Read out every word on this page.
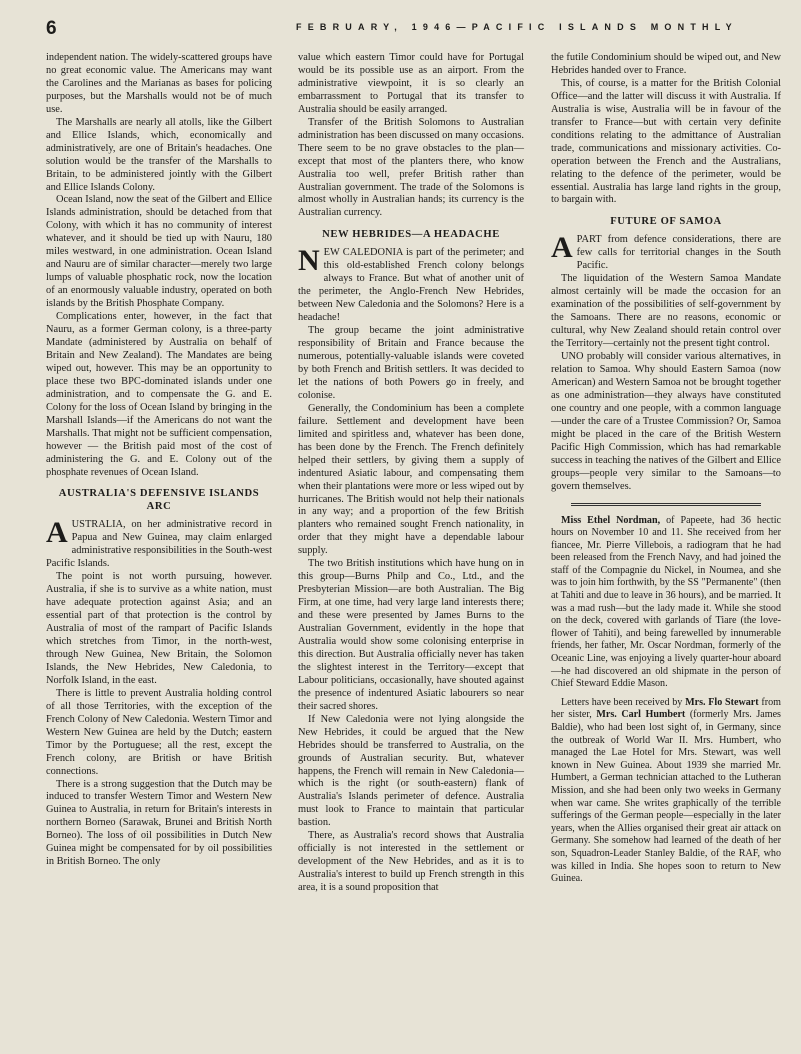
6	FEBRUARY, 1946—PACIFIC ISLANDS MONTHLY

independent nation. The widely-scattered groups have no great economic value. The Americans may want the Carolines and the Marianas as bases for policing purposes, but the Marshalls would not be of much use.

The Marshalls are nearly all atolls, like the Gilbert and Ellice Islands, which, economically and administratively, are one of Britain's headaches. One solution would be the transfer of the Marshalls to Britain, to be administered jointly with the Gilbert and Ellice Islands Colony.

Ocean Island, now the seat of the Gilbert and Ellice Islands administration, should be detached from that Colony, with which it has no community of interest whatever, and it should be tied up with Nauru, 180 miles westward, in one administration. Ocean Island and Nauru are of similar character—merely two large lumps of valuable phosphatic rock, now the location of an enormously valuable industry, operated on both islands by the British Phosphate Company.

Complications enter, however, in the fact that Nauru, as a former German colony, is a three-party Mandate (administered by Australia on behalf of Britain and New Zealand). The Mandates are being wiped out, however. This may be an opportunity to place these two BPC-dominated islands under one administration, and to compensate the G. and E. Colony for the loss of Ocean Island by bringing in the Marshall Islands—if the Americans do not want the Marshalls. That might not be sufficient compensation, however — the British paid most of the cost of administering the G. and E. Colony out of the phosphate revenues of Ocean Island.

AUSTRALIA'S DEFENSIVE ISLANDS ARC

AUSTRALIA, on her administrative record in Papua and New Guinea, may claim enlarged administrative responsibilities in the South-west Pacific Islands.

The point is not worth pursuing, however. Australia, if she is to survive as a white nation, must have adequate protection against Asia; and an essential part of that protection is the control by Australia of most of the rampart of Pacific Islands which stretches from Timor, in the north-west, through New Guinea, New Britain, the Solomon Islands, the New Hebrides, New Caledonia, to Norfolk Island, in the east.

There is little to prevent Australia holding control of all those Territories, with the exception of the French Colony of New Caledonia. Western Timor and Western New Guinea are held by the Dutch; eastern Timor by the Portuguese; all the rest, except the French colony, are British or have British connections.

There is a strong suggestion that the Dutch may be induced to transfer Western Timor and Western New Guinea to Australia, in return for Britain's interests in northern Borneo (Sarawak, Brunei and British North Borneo). The loss of oil possibilities in Dutch New Guinea might be compensated for by oil possibilities in British Borneo. The only

value which eastern Timor could have for Portugal would be its possible use as an airport. From the administrative viewpoint, it is so clearly an embarrassment to Portugal that its transfer to Australia should be easily arranged.

Transfer of the British Solomons to Australian administration has been discussed on many occasions. There seem to be no grave obstacles to the plan—except that most of the planters there, who know Australia too well, prefer British rather than Australian government. The trade of the Solomons is almost wholly in Australian hands; its currency is the Australian currency.

NEW HEBRIDES—A HEADACHE

NEW CALEDONIA is part of the perimeter; and this old-established French colony belongs always to France. But what of another unit of the perimeter, the Anglo-French New Hebrides, between New Caledonia and the Solomons? Here is a headache!

The group became the joint administrative responsibility of Britain and France because the numerous, potentially-valuable islands were coveted by both French and British settlers. It was decided to let the nations of both Powers go in freely, and colonise.

Generally, the Condominium has been a complete failure. Settlement and development have been limited and spiritless and, whatever has been done, has been done by the French. The French definitely helped their settlers, by giving them a supply of indentured Asiatic labour, and compensating them when their plantations were more or less wiped out by hurricanes. The British would not help their nationals in any way; and a proportion of the few British planters who remained sought French nationality, in order that they might have a dependable labour supply.

The two British institutions which have hung on in this group—Burns Philp and Co., Ltd., and the Presbyterian Mission—are both Australian. The Big Firm, at one time, had very large land interests there; and these were presented by James Burns to the Australian Government, evidently in the hope that Australia would show some colonising enterprise in this direction. But Australia officially never has taken the slightest interest in the Territory—except that Labour politicians, occasionally, have shouted against the presence of indentured Asiatic labourers so near their sacred shores.

If New Caledonia were not lying alongside the New Hebrides, it could be argued that the New Hebrides should be transferred to Australia, on the grounds of Australian security. But, whatever happens, the French will remain in New Caledonia—which is the right (or south-eastern) flank of Australia's Islands perimeter of defence. Australia must look to France to maintain that particular bastion.

There, as Australia's record shows that Australia officially is not interested in the settlement or development of the New Hebrides, and as it is to Australia's interest to build up French strength in this area, it is a sound proposition that

the futile Condominium should be wiped out, and New Hebrides handed over to France.

This, of course, is a matter for the British Colonial Office—and the latter will discuss it with Australia. If Australia is wise, Australia will be in favour of the transfer to France—but with certain very definite conditions relating to the admittance of Australian trade, communications and missionary activities. Co-operation between the French and the Australians, relating to the defence of the perimeter, would be essential. Australia has large land rights in the group, to bargain with.

FUTURE OF SAMOA

APART from defence considerations, there are few calls for territorial changes in the South Pacific.

The liquidation of the Western Samoa Mandate almost certainly will be made the occasion for an examination of the possibilities of self-government by the Samoans. There are no reasons, economic or cultural, why New Zealand should retain control over the Territory—certainly not the present tight control.

UNO probably will consider various alternatives, in relation to Samoa. Why should Eastern Samoa (now American) and Western Samoa not be brought together as one administration—they always have constituted one country and one people, with a common language—under the care of a Trustee Commission? Or, Samoa might be placed in the care of the British Western Pacific High Commission, which has had remarkable success in teaching the natives of the Gilbert and Ellice groups—people very similar to the Samoans—to govern themselves.

Miss Ethel Nordman, of Papeete, had 36 hectic hours on November 10 and 11. She received from her fiancee, Mr. Pierre Villebois, a radiogram that he had been released from the French Navy, and had joined the staff of the Compagnie du Nickel, in Noumea, and she was to join him forthwith, by the SS "Permanente" (then at Tahiti and due to leave in 36 hours), and be married. It was a mad rush—but the lady made it. While she stood on the deck, covered with garlands of Tiare (the love-flower of Tahiti), and being farewelled by innumerable friends, her father, Mr. Oscar Nordman, formerly of the Oceanic Line, was enjoying a lively quarter-hour aboard—he had discovered an old shipmate in the person of Chief Steward Eddie Mason.

Letters have been received by Mrs. Flo Stewart from her sister, Mrs. Carl Humbert (formerly Mrs. James Baldie), who had been lost sight of, in Germany, since the outbreak of World War II. Mrs. Humbert, who managed the Lae Hotel for Mrs. Stewart, was well known in New Guinea. About 1939 she married Mr. Humbert, a German technician attached to the Lutheran Mission, and she had been only two weeks in Germany when war came. She writes graphically of the terrible sufferings of the German people—especially in the later years, when the Allies organised their great air attack on Germany. She somehow had learned of the death of her son, Squadron-Leader Stanley Baldie, of the RAF, who was killed in India. She hopes soon to return to New Guinea.
